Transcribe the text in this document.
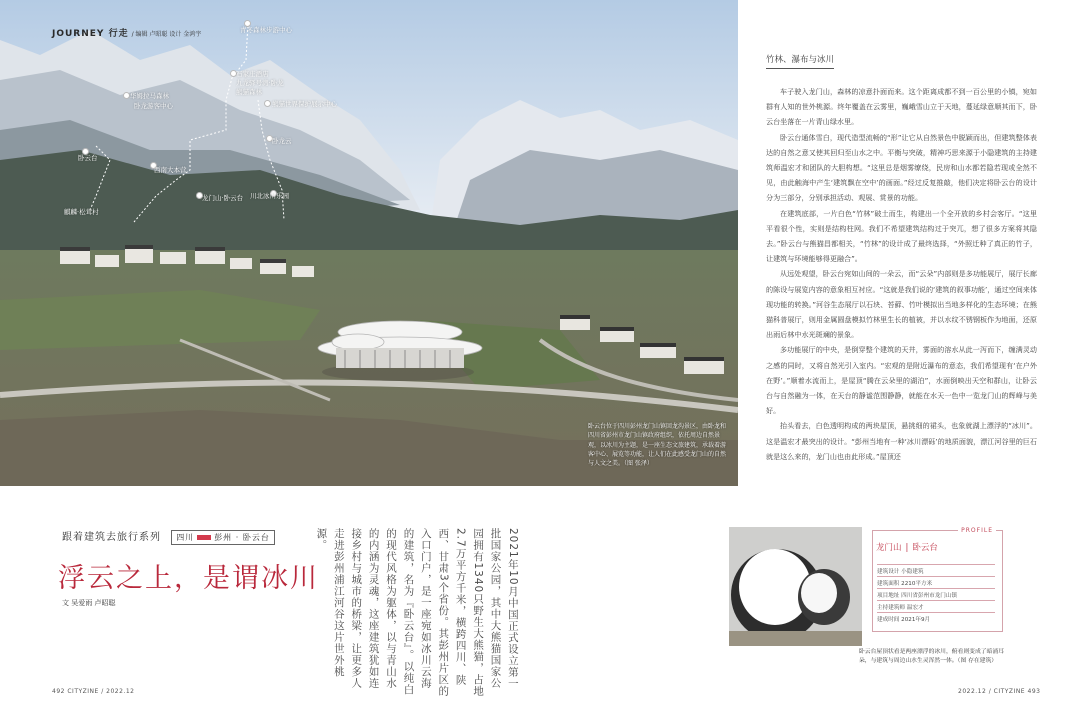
JOURNEY 行走 / 编辑 卢昭聪 设计 金鸿宇
青冬森林步游中心
石家庄酒店
九龙驿号湾·卧龙
熊猫森林
华姆拉马森林
卧龙游客中心	熊猫世界保护展示中心
卧龙云
卧云台
西南大本营
川北冰川乐园
麒麟·松茸村
龙门山·卧云台
卧云台位于四川彭州龙门山镇回龙沟景区，由卧龙和四川省彭州市龙门山镇政府组织，依托周边自然景观，以冰川为主题，是一座生态文旅建筑，承载着游客中心、展览等功能，让人们在此感受龙门山的自然与人文之美。（图 张泽）
竹林、瀑布与冰川

车子驶入龙门山，森林的凉意扑面而来。这个距离成都不到一百公里的小镇，宛如群有人知的世外桃源。终年覆盖在云雾里，巍峨雪山立于天地，蔓延绿意顺其而下，卧云台坐落在一片青山绿水里。

卧云台通体雪白，现代造型流畅的“形”让它从自然景色中脱颖而出，但建筑整体表达的自然之意又使其回归至山水之中。平衡与突破，精神巧思来源于小隐建筑的主持建筑师温宏才和团队的大胆构想。“这里总是烟雾缭绕，民房和山水都若隐若现或全然不见，由此触海中产生‘建筑飘在空中’的画面。”经过反复推敲，他们决定将卧云台的设计分为三部分，分别承担活动、观展、赏景的功能。

在建筑底部，一片白色“竹林”破土而生，构建出一个全开放的乡村会客厅。“这里平看很个性，实则是结构柱网。我们不希望建筑结构过于突兀，想了很多方案将其隐去。”卧云台与熊猫昌都相关，“竹林”的设计成了最终选择，“外照迁种了真正的竹子，让建筑与环境能够得更融合”。

从远处观望，卧云台宛如山间的一朵云，而“云朵”内部则是多功能展厅，展厅长廊的陈设与展览内容的意象相互衬应。“这就是我们说的‘建筑的叙事功能’，通过空间来体现功能的转换。”河谷生态展厅以石块、苔藓、竹叶模拟出当地多样化的生态环境；在熊猫科普展厅，则用金属圆盘模拟竹林里生长的植被，并以水纹不锈钢板作为地面，还原出雨后林中水光斑斓的景象。

多功能展厅的中央，是倒穿整个建筑的天井，雾面的溶水从此一泻而下，缠满灵动之感的同时，又将自然光引入室内。“宏观的是附近瀑布的意态，我们希望现有‘在户外在野’。”顺着水流而上，是屋顶“腾在云朵里的湖泊”，水面倒映出天空和群山，让卧云台与自然融为一体，在天台的静谧范围静静，就能在水天一色中一览龙门山的辉峰与美好。

抬头看去，白色透明构成的两块屋顶，悬挑细的裙头，也象就湖上漂浮的“冰川”。这是温宏才最突出的设计。“彭州当地有一种‘冰川漂砾’的地质面貌，漂江河谷里的巨石就是这么来的，龙门山也由此形成。”屋顶还

跟着建筑去旅行系列 四川	彭州 · 卧云台
浮云之上，是谓冰川
文 吴爱雨 卢昭聪	2021年10月中国正式设立第一批国家公园，其中大熊猫国家公园拥有1340只野生大熊猫，占地2.7万平方千米，横跨四川、陕西、甘肃3个省份。其彭州片区的入口门户，是一座宛如冰川云海的建筑，名为『卧云台』。以纯白的现代风格为躯体，以与青山水的内涵为灵魂，这座建筑犹如连接乡村与城市的桥梁，让更多人走进彭州浦江河谷这片世外桃源。	PROFILE
龙门山 | 卧云台
建筑设计 小隐建筑
建筑面积 2210平方米
项目地址 四川省彭州市龙门山镇
主持建筑师 温宏才
建成时间 2021年9月
卧云台屋顶状看是两座漂浮的冰川，俯看则变成了暗涌耳朵，与建筑与周边山水生灵浑然一体。（图 存在建筑）
492 CITYZINE / 2022.12	2022.12 / CITYZINE 493
